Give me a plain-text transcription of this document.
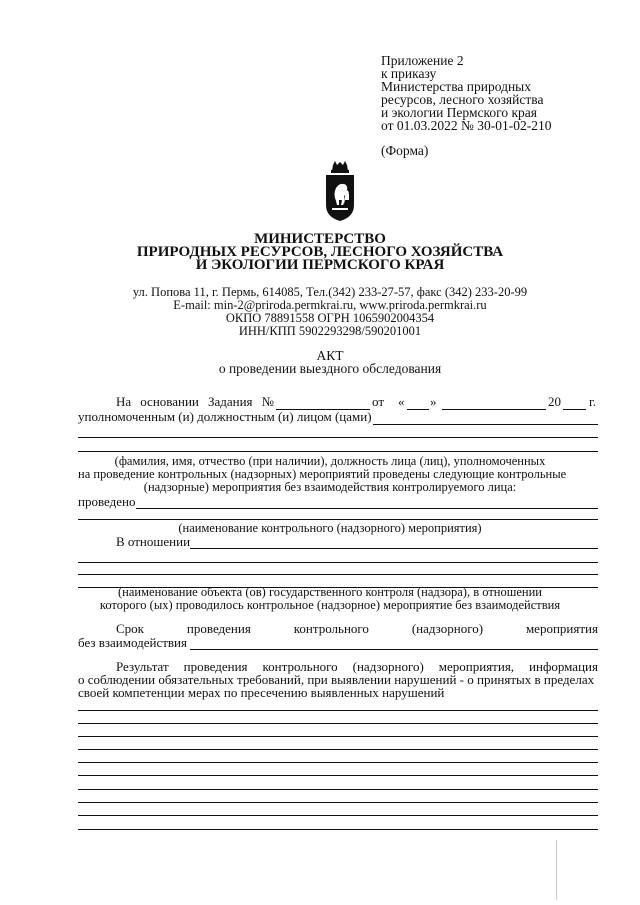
Приложение 2
к приказу
Министерства природных
ресурсов, лесного хозяйства
и экологии Пермского края
от 01.03.2022 № 30-01-02-210
(Форма)
МИНИСТЕРСТВО
ПРИРОДНЫХ РЕСУРСОВ, ЛЕСНОГО ХОЗЯЙСТВА
И ЭКОЛОГИИ ПЕРМСКОГО КРАЯ
ул. Попова 11, г. Пермь, 614085, Тел.(342) 233-27-57, факс (342) 233-20-99
E-mail: min-2@priroda.permkrai.ru, www.priroda.permkrai.ru
ОКПО 78891558 ОГРН 1065902004354
ИНН/КПП 5902293298/590201001
АКТ
о проведении выездного обследования
На основании Задания №	от « »	20 г.
уполномоченным (и) должностным (и) лицом (цами)
(фамилия, имя, отчество (при наличии), должность лица (лиц), уполномоченных
на проведение контрольных (надзорных) мероприятий проведены следующие контрольные
(надзорные) мероприятия без взаимодействия контролируемого лица:
проведено
(наименование контрольного (надзорного) мероприятия)
В отношении
(наименование объекта (ов) государственного контроля (надзора), в отношении
которого (ых) проводилось контрольное (надзорное) мероприятие без взаимодействия
Срок	проведения	контрольного	(надзорного)	мероприятия
без взаимодействия
Результат проведения контрольного (надзорного) мероприятия, информация
о соблюдении обязательных требований, при выявлении нарушений - о принятых в пределах
своей компетенции мерах по пресечению выявленных нарушений
